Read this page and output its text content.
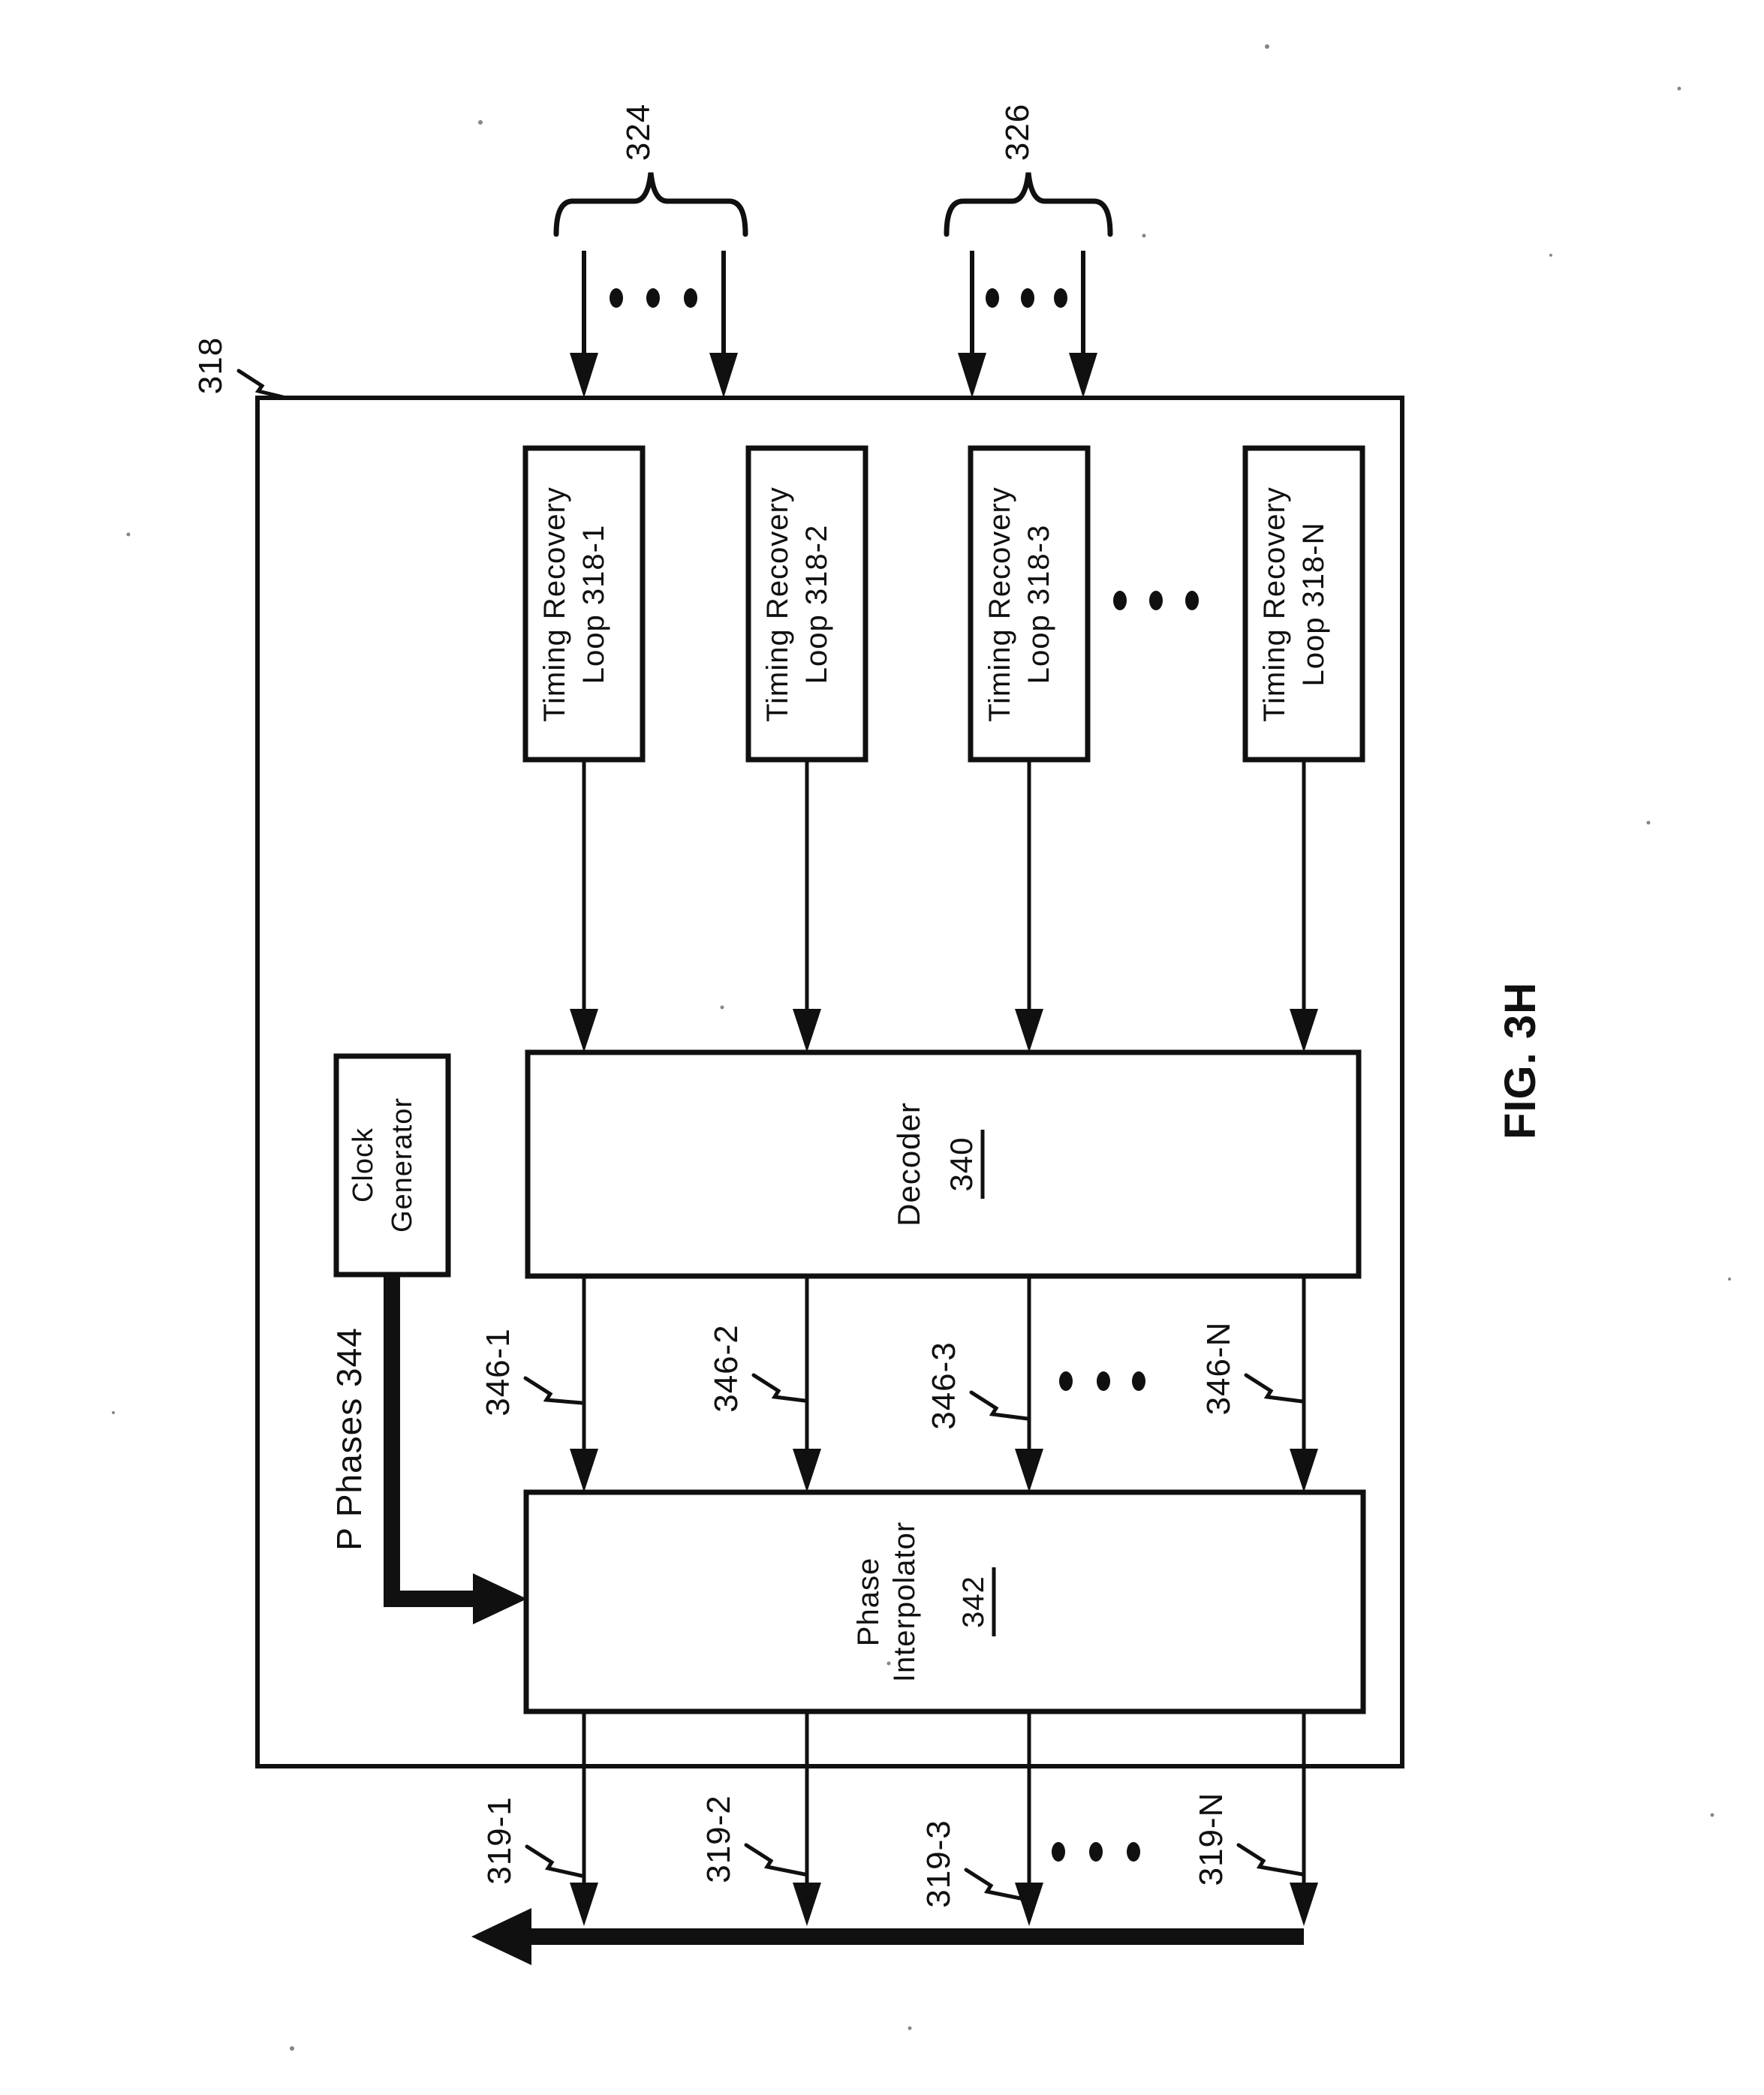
318
324	326
Timing Recovery Loop 318-1	Timing Recovery Loop 318-2	Timing Recovery Loop 318-3	Timing Recovery Loop 318-N
Decoder 340
Clock Generator
P Phases 344	346-1	346-2	346-3	346-N
Phase Interpolator 342
319-1	319-2	319-3	319-N
FIG. 3H
